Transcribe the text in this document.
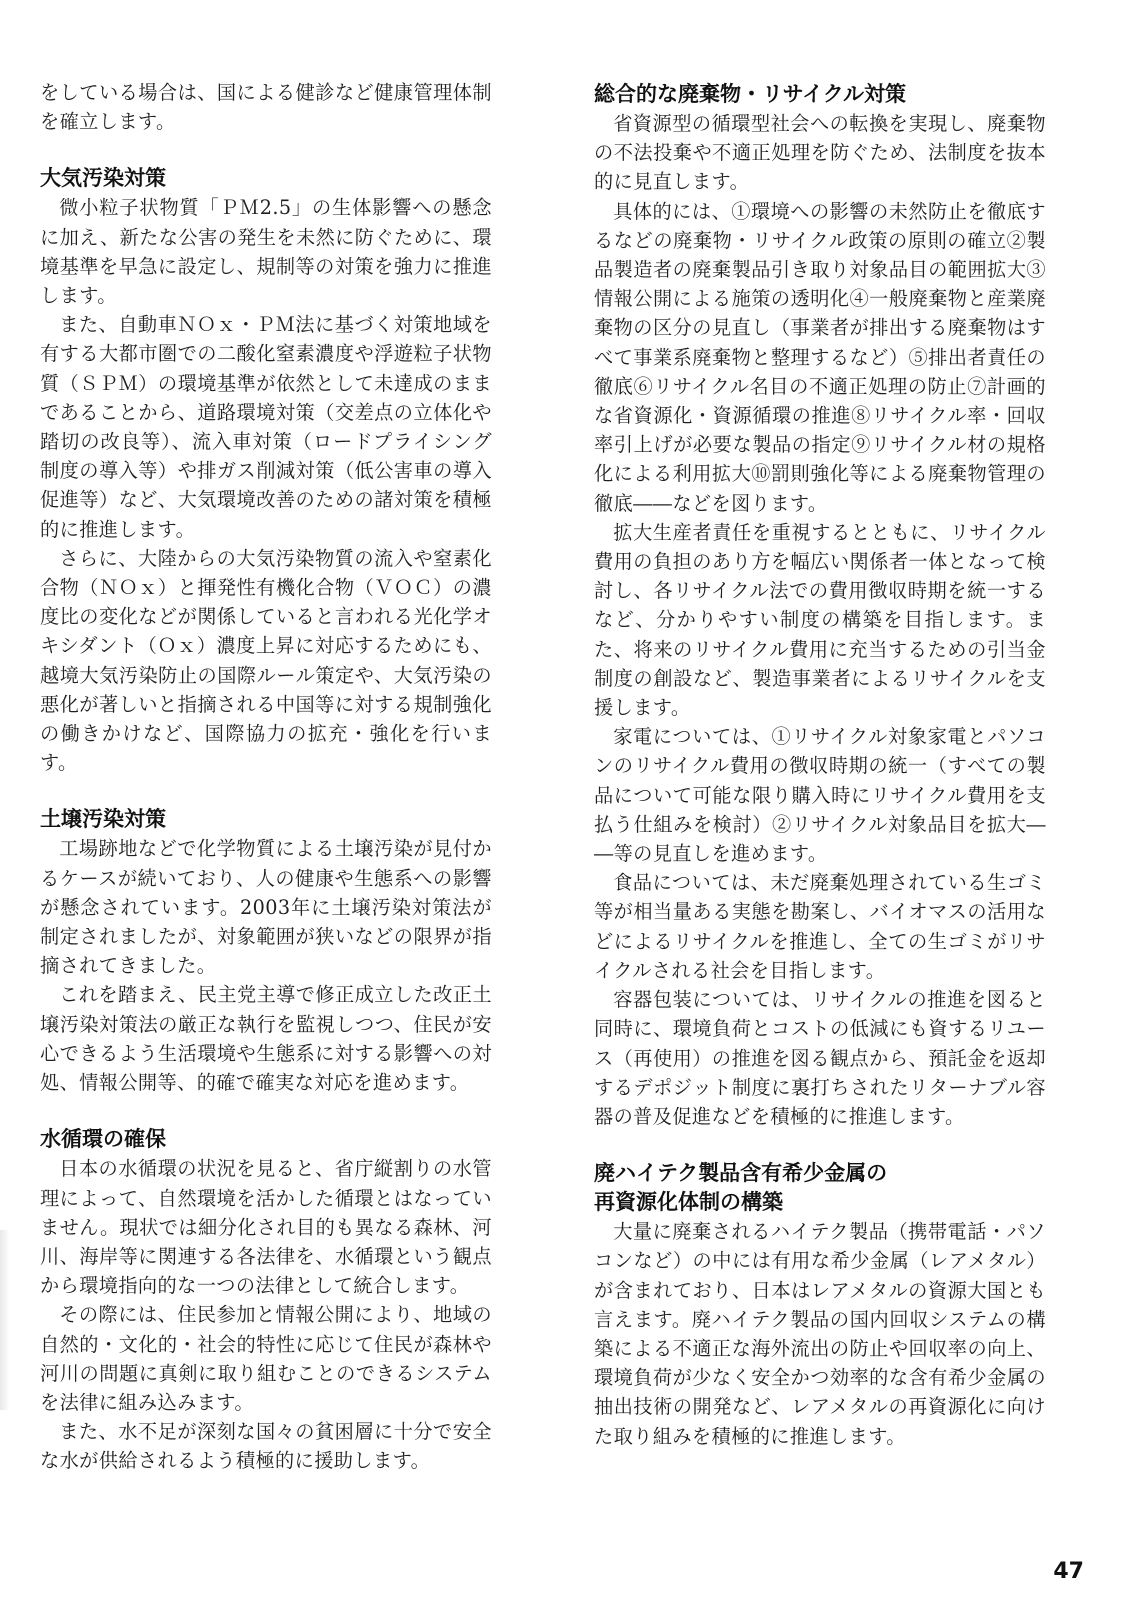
をしている場合は、国による健診など健康管理体制を確立します。

大気汚染対策

微小粒子状物質「ＰＭ2.5」の生体影響への懸念に加え、新たな公害の発生を未然に防ぐために、環境基準を早急に設定し、規制等の対策を強力に推進します。

また、自動車ＮＯｘ・ＰＭ法に基づく対策地域を有する大都市圏での二酸化窒素濃度や浮遊粒子状物質（ＳＰＭ）の環境基準が依然として未達成のままであることから、道路環境対策（交差点の立体化や踏切の改良等）、流入車対策（ロードプライシング制度の導入等）や排ガス削減対策（低公害車の導入促進等）など、大気環境改善のための諸対策を積極的に推進します。

さらに、大陸からの大気汚染物質の流入や窒素化合物（ＮＯｘ）と揮発性有機化合物（ＶＯＣ）の濃度比の変化などが関係していると言われる光化学オキシダント（Ｏｘ）濃度上昇に対応するためにも、越境大気汚染防止の国際ルール策定や、大気汚染の悪化が著しいと指摘される中国等に対する規制強化の働きかけなど、国際協力の拡充・強化を行います。

土壌汚染対策

工場跡地などで化学物質による土壌汚染が見付かるケースが続いており、人の健康や生態系への影響が懸念されています。2003年に土壌汚染対策法が制定されましたが、対象範囲が狭いなどの限界が指摘されてきました。

これを踏まえ、民主党主導で修正成立した改正土壌汚染対策法の厳正な執行を監視しつつ、住民が安心できるよう生活環境や生態系に対する影響への対処、情報公開等、的確で確実な対応を進めます。

水循環の確保

日本の水循環の状況を見ると、省庁縦割りの水管理によって、自然環境を活かした循環とはなっていません。現状では細分化され目的も異なる森林、河川、海岸等に関連する各法律を、水循環という観点から環境指向的な一つの法律として統合します。

その際には、住民参加と情報公開により、地域の自然的・文化的・社会的特性に応じて住民が森林や河川の問題に真剣に取り組むことのできるシステムを法律に組み込みます。

また、水不足が深刻な国々の貧困層に十分で安全な水が供給されるよう積極的に援助します。

総合的な廃棄物・リサイクル対策

省資源型の循環型社会への転換を実現し、廃棄物の不法投棄や不適正処理を防ぐため、法制度を抜本的に見直します。

具体的には、①環境への影響の未然防止を徹底するなどの廃棄物・リサイクル政策の原則の確立②製品製造者の廃棄製品引き取り対象品目の範囲拡大③情報公開による施策の透明化④一般廃棄物と産業廃棄物の区分の見直し（事業者が排出する廃棄物はすべて事業系廃棄物と整理するなど）⑤排出者責任の徹底⑥リサイクル名目の不適正処理の防止⑦計画的な省資源化・資源循環の推進⑧リサイクル率・回収率引上げが必要な製品の指定⑨リサイクル材の規格化による利用拡大⑩罰則強化等による廃棄物管理の徹底――などを図ります。

拡大生産者責任を重視するとともに、リサイクル費用の負担のあり方を幅広い関係者一体となって検討し、各リサイクル法での費用徴収時期を統一するなど、分かりやすい制度の構築を目指します。また、将来のリサイクル費用に充当するための引当金制度の創設など、製造事業者によるリサイクルを支援します。

家電については、①リサイクル対象家電とパソコンのリサイクル費用の徴収時期の統一（すべての製品について可能な限り購入時にリサイクル費用を支払う仕組みを検討）②リサイクル対象品目を拡大――等の見直しを進めます。

食品については、未だ廃棄処理されている生ゴミ等が相当量ある実態を勘案し、バイオマスの活用などによるリサイクルを推進し、全ての生ゴミがリサイクルされる社会を目指します。

容器包装については、リサイクルの推進を図ると同時に、環境負荷とコストの低減にも資するリユース（再使用）の推進を図る観点から、預託金を返却するデポジット制度に裏打ちされたリターナブル容器の普及促進などを積極的に推進します。

廃ハイテク製品含有希少金属の
再資源化体制の構築

大量に廃棄されるハイテク製品（携帯電話・パソコンなど）の中には有用な希少金属（レアメタル）が含まれており、日本はレアメタルの資源大国とも言えます。廃ハイテク製品の国内回収システムの構築による不適正な海外流出の防止や回収率の向上、環境負荷が少なく安全かつ効率的な含有希少金属の抽出技術の開発など、レアメタルの再資源化に向けた取り組みを積極的に推進します。

47
